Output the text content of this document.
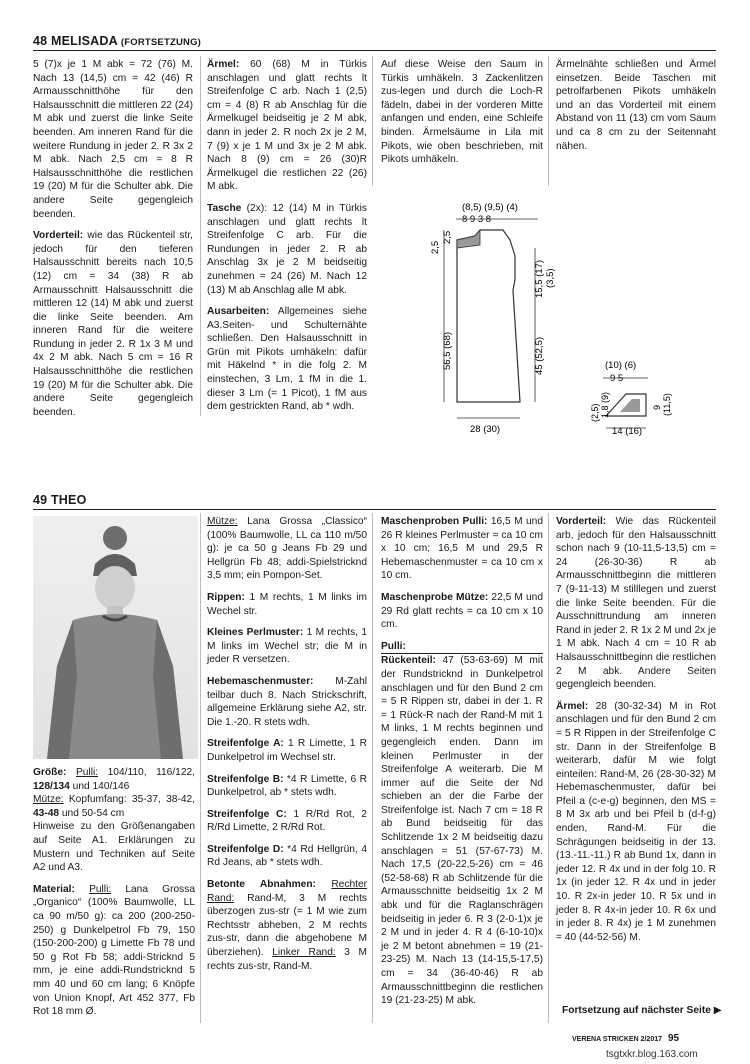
48 MELISADA (FORTSETZUNG)

5 (7)x je 1 M abk = 72 (76) M. Nach 13 (14,5) cm = 42 (46) R Armausschnitthöhe für den Halsausschnitt die mittleren 22 (24) M abk und zuerst die linke Seite beenden. Am inneren Rand für die weitere Rundung in jeder 2. R 3x 2 M abk. Nach 2,5 cm = 8 R Halsausschnitthöhe die restlichen 19 (20) M für die Schulter abk. Die andere Seite gegengleich beenden.

Vorderteil: wie das Rückenteil str, jedoch für den tieferen Halsausschnitt bereits nach 10,5 (12) cm = 34 (38) R ab Armausschnitt Halsausschnitt die mittleren 12 (14) M abk und zuerst die linke Seite beenden. Am inneren Rand für die weitere Rundung in jeder 2. R 1x 3 M und 4x 2 M abk. Nach 5 cm = 16 R Halsausschnitthöhe die restlichen 19 (20) M für die Schulter abk. Die andere Seite gegengleich beenden.

Ärmel: 60 (68) M in Türkis anschlagen und glatt rechts lt Streifenfolge C arb. Nach 1 (2,5) cm = 4 (8) R ab Anschlag für die Ärmelkugel beidseitig je 2 M abk, dann in jeder 2. R noch 2x je 2 M, 7 (9) x je 1 M und 3x je 2 M abk. Nach 8 (9) cm = 26 (30)R Ärmelkugel die restlichen 22 (26) M abk.

Tasche (2x): 12 (14) M in Türkis anschlagen und glatt rechts lt Streifenfolge C arb. Für die Rundungen in jeder 2. R ab Anschlag 3x je 2 M beidseitig zunehmen = 24 (26) M. Nach 12 (13) M ab Anschlag alle M abk.

Ausarbeiten: Allgemeines siehe A3.Seiten- und Schulternähte schließen. Den Halsausschnitt in Grün mit Pikots umhäkeln: dafür mit Häkelnd * in die folg 2. M einstechen, 3 Lm, 1 fM in die 1. dieser 3 Lm (= 1 Picot), 1 fM aus dem gestrickten Rand, ab * wdh.

Auf diese Weise den Saum in Türkis umhäkeln. 3 Zackenlitzen zus-legen und durch die Loch-R fädeln, dabei in der vorderen Mitte anfangen und enden, eine Schleife binden. Ärmelsäume in Lila mit Pikots, wie oben beschrieben, mit Pikots umhäkeln.

Ärmelnähte schließen und Ärmel einsetzen. Beide Taschen mit petrolfarbenen Pikots umhäkeln und an das Vorderteil mit einem Abstand von 11 (13) cm vom Saum und ca 8 cm zu der Seitennaht nähen.

(8,5) (9,5) (4)
8 9 3 8
2,5
2,5
56,5 (68)
15,5 (17) (3,5)
45 (52,5)
28 (30)
(10) (6)
9 5
(2,5) 1,8 (9)	9 (11,5)
14 (16)
49 THEO

Größe: Pulli: 104/110, 116/122, 128/134 und 140/146
Mütze: Kopfumfang: 35-37, 38-42, 43-48 und 50-54 cm
Hinweise zu den Größenangaben auf Seite A1. Erklärungen zu Mustern und Techniken auf Seite A2 und A3.

Material: Pulli: Lana Grossa „Organico“ (100% Baumwolle, LL ca 90 m/50 g): ca 200 (200-250-250) g Dunkelpetrol Fb 79, 150 (150-200-200) g Limette Fb 78 und 50 g Rot Fb 58; addi-Stricknd 5 mm, je eine addi-Rundstricknd 5 mm 40 und 60 cm lang; 6 Knöpfe von Union Knopf, Art 452 377, Fb Rot 18 mm Ø.

Mütze: Lana Grossa „Classico“ (100% Baumwolle, LL ca 110 m/50 g): je ca 50 g Jeans Fb 29 und Hellgrün Fb 48; addi-Spielstricknd 3,5 mm; ein Pompon-Set.

Rippen: 1 M rechts, 1 M links im Wechel str.

Kleines Perlmuster: 1 M rechts, 1 M links im Wechel str; die M in jeder R versetzen.

Hebemaschenmuster: M-Zahl teilbar duch 8. Nach Strickschrift, allgemeine Erklärung siehe A2, str. Die 1.-20. R stets wdh.

Streifenfolge A: 1 R Limette, 1 R Dunkelpetrol im Wechsel str.

Streifenfolge B: *4 R Limette, 6 R Dunkelpetrol, ab * stets wdh.

Streifenfolge C: 1 R/Rd Rot, 2 R/Rd Limette, 2 R/Rd Rot.

Streifenfolge D: *4 Rd Hellgrün, 4 Rd Jeans, ab * stets wdh.

Betonte Abnahmen: Rechter Rand: Rand-M, 3 M rechts überzogen zus-str (= 1 M wie zum Rechtsstr abheben, 2 M rechts zus-str, dann die abgehobene M überziehen). Linker Rand: 3 M rechts zus-str, Rand-M.

Maschenproben Pulli: 16,5 M und 26 R kleines Perlmuster = ca 10 cm x 10 cm; 16,5 M und 29,5 R Hebemaschenmuster = ca 10 cm x 10 cm.

Maschenprobe Mütze: 22,5 M und 29 Rd glatt rechts = ca 10 cm x 10 cm.

Pulli:

Rückenteil: 47 (53-63-69) M mit der Rundstricknd in Dunkelpetrol anschlagen und für den Bund 2 cm = 5 R Rippen str, dabei in der 1. R = 1 Rück-R nach der Rand-M mit 1 M links, 1 M rechts beginnen und gegengleich enden. Dann im kleinen Perlmuster in der Streifenfolge A weiterarb. Die M immer auf die Seite der Nd schieben an der die Farbe der Streifenfolge ist. Nach 7 cm = 18 R ab Bund beidseitig für das Schlitzende 1x 2 M beidseitig dazu anschlagen = 51 (57-67-73) M. Nach 17,5 (20-22,5-26) cm = 46 (52-58-68) R ab Schlitzende für die Armausschnitte beidseitig 1x 2 M abk und für die Raglanschrägen beidseitig in jeder 6. R 3 (2-0-1)x je 2 M und in jeder 4. R 4 (6-10-10)x je 2 M betont abnehmen = 19 (21-23-25) M. Nach 13 (14-15,5-17,5) cm = 34 (36-40-46) R ab Armausschnittbeginn die restlichen 19 (21-23-25) M abk.

Vorderteil: Wie das Rückenteil arb, jedoch für den Halsausschnitt schon nach 9 (10-11,5-13,5) cm = 24 (26-30-36) R ab Armausschnittbeginn die mittleren 7 (9-11-13) M stilllegen und zuerst die linke Seite beenden. Für die Ausschnittrundung am inneren Rand in jeder 2. R 1x 2 M und 2x je 1 M abk. Nach 4 cm = 10 R ab Halsausschnittbeginn die restlichen 2 M abk. Andere Seiten gegengleich beenden.

Ärmel: 28 (30-32-34) M in Rot anschlagen und für den Bund 2 cm = 5 R Rippen in der Streifenfolge C str. Dann in der Streifenfolge B weiterarb, dafür M wie folgt einteilen: Rand-M, 26 (28-30-32) M Hebemaschenmuster, dafür bei Pfeil a (c-e-g) beginnen, den MS = 8 M 3x arb und bei Pfeil b (d-f-g) enden, Rand-M. Für die Schrägungen beidseitig in der 13. (13.-11.-11.) R ab Bund 1x, dann in jeder 12. R 4x und in der folg 10. R 1x (in jeder 12. R 4x und in jeder 10. R 2x-in jeder 10. R 5x und in jeder 8. R 4x-in jeder 10. R 6x und in jeder 8. R 4x) je 1 M zunehmen = 40 (44-52-56) M.

Fortsetzung auf nächster Seite ▶
VERENA STRICKEN 2/2017 95
tsgtxkr.blog.163.com
